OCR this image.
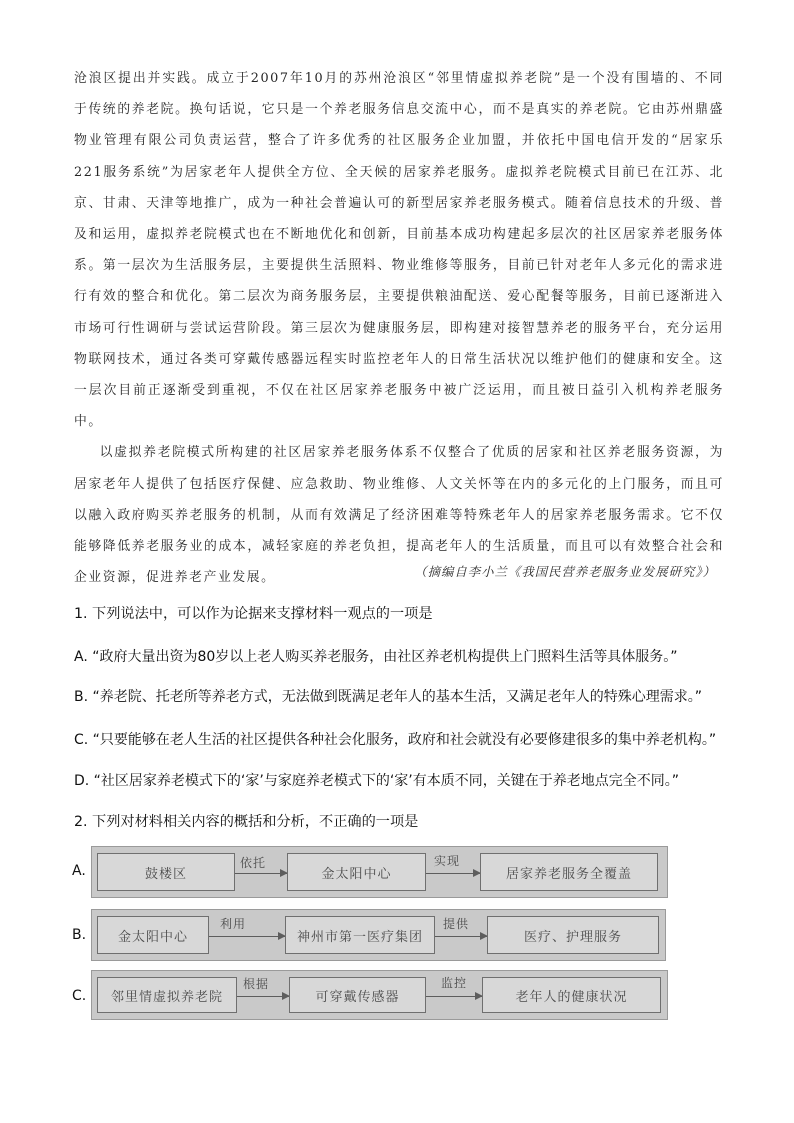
沧浪区提出并实践。成立于2007年10月的苏州沧浪区“邻里情虚拟养老院”是一个没有围墙的、不同于传统的养老院。换句话说，它只是一个养老服务信息交流中心，而不是真实的养老院。它由苏州鼎盛物业管理有限公司负责运营，整合了许多优秀的社区服务企业加盟，并依托中国电信开发的“居家乐221服务系统”为居家老年人提供全方位、全天候的居家养老服务。虚拟养老院模式目前已在江苏、北京、甘肃、天津等地推广，成为一种社会普遍认可的新型居家养老服务模式。随着信息技术的升级、普及和运用，虚拟养老院模式也在不断地优化和创新，目前基本成功构建起多层次的社区居家养老服务体系。第一层次为生活服务层，主要提供生活照料、物业维修等服务，目前已针对老年人多元化的需求进行有效的整合和优化。第二层次为商务服务层，主要提供粮油配送、爱心配餐等服务，目前已逐渐进入市场可行性调研与尝试运营阶段。第三层次为健康服务层，即构建对接智慧养老的服务平台，充分运用物联网技术，通过各类可穿戴传感器远程实时监控老年人的日常生活状况以维护他们的健康和安全。这一层次目前正逐渐受到重视，不仅在社区居家养老服务中被广泛运用，而且被日益引入机构养老服务中。

以虚拟养老院模式所构建的社区居家养老服务体系不仅整合了优质的居家和社区养老服务资源，为居家老年人提供了包括医疗保健、应急救助、物业维修、人文关怀等在内的多元化的上门服务，而且可以融入政府购买养老服务的机制，从而有效满足了经济困难等特殊老年人的居家养老服务需求。它不仅能够降低养老服务业的成本，减轻家庭的养老负担，提高老年人的生活质量，而且可以有效整合社会和企业资源，促进养老产业发展。	（摘编自李小兰《我国民营养老服务业发展研究》）
1. 下列说法中，可以作为论据来支撑材料一观点的一项是
A. “政府大量出资为80岁以上老人购买养老服务，由社区养老机构提供上门照料生活等具体服务。”
B. “养老院、托老所等养老方式，无法做到既满足老年人的基本生活，又满足老年人的特殊心理需求。”
C. “只要能够在老人生活的社区提供各种社会化服务，政府和社会就没有必要修建很多的集中养老机构。”
D. “社区居家养老模式下的‘家’与家庭养老模式下的‘家’有本质不同，关键在于养老地点完全不同。”
2. 下列对材料相关内容的概括和分析，不正确的一项是
A.	鼓楼区
依托
金太阳中心
实现
居家养老服务全覆盖
B.	金太阳中心
利用
神州市第一医疗集团
提供
医疗、护理服务
C.	邻里情虚拟养老院
根据
可穿戴传感器
监控
老年人的健康状况
